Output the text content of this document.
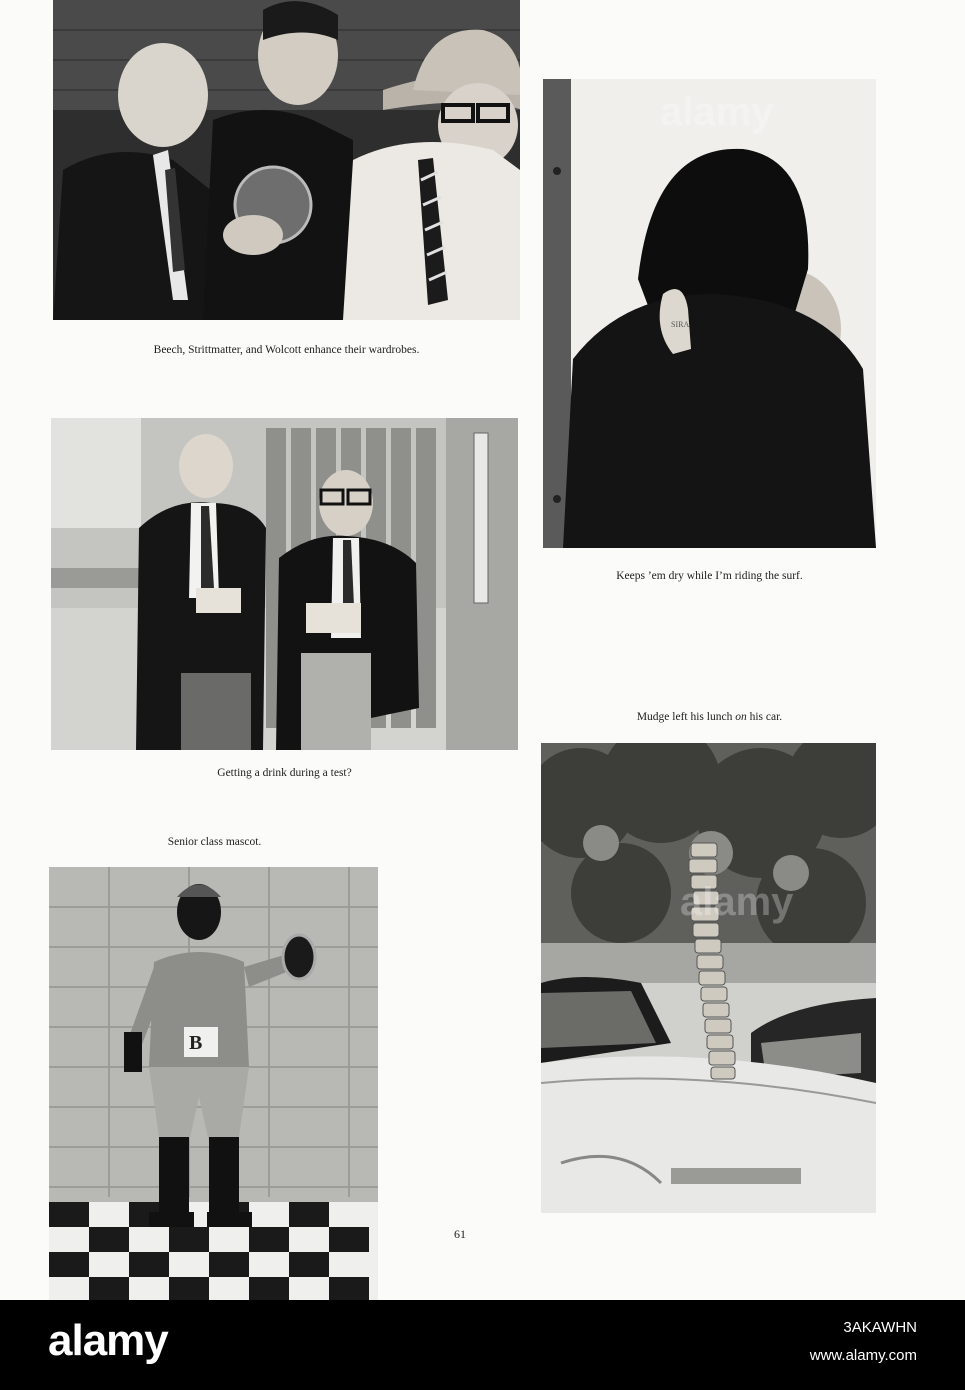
Beech, Strittmatter, and Wolcott enhance their wardrobes.
SIRA
Keeps ’em dry while I’m riding the surf.
Getting a drink during a test?
Mudge left his lunch on his car.
Senior class mascot.
B
61
alamy
alamy
alamy	3AKAWHN
www.alamy.com
